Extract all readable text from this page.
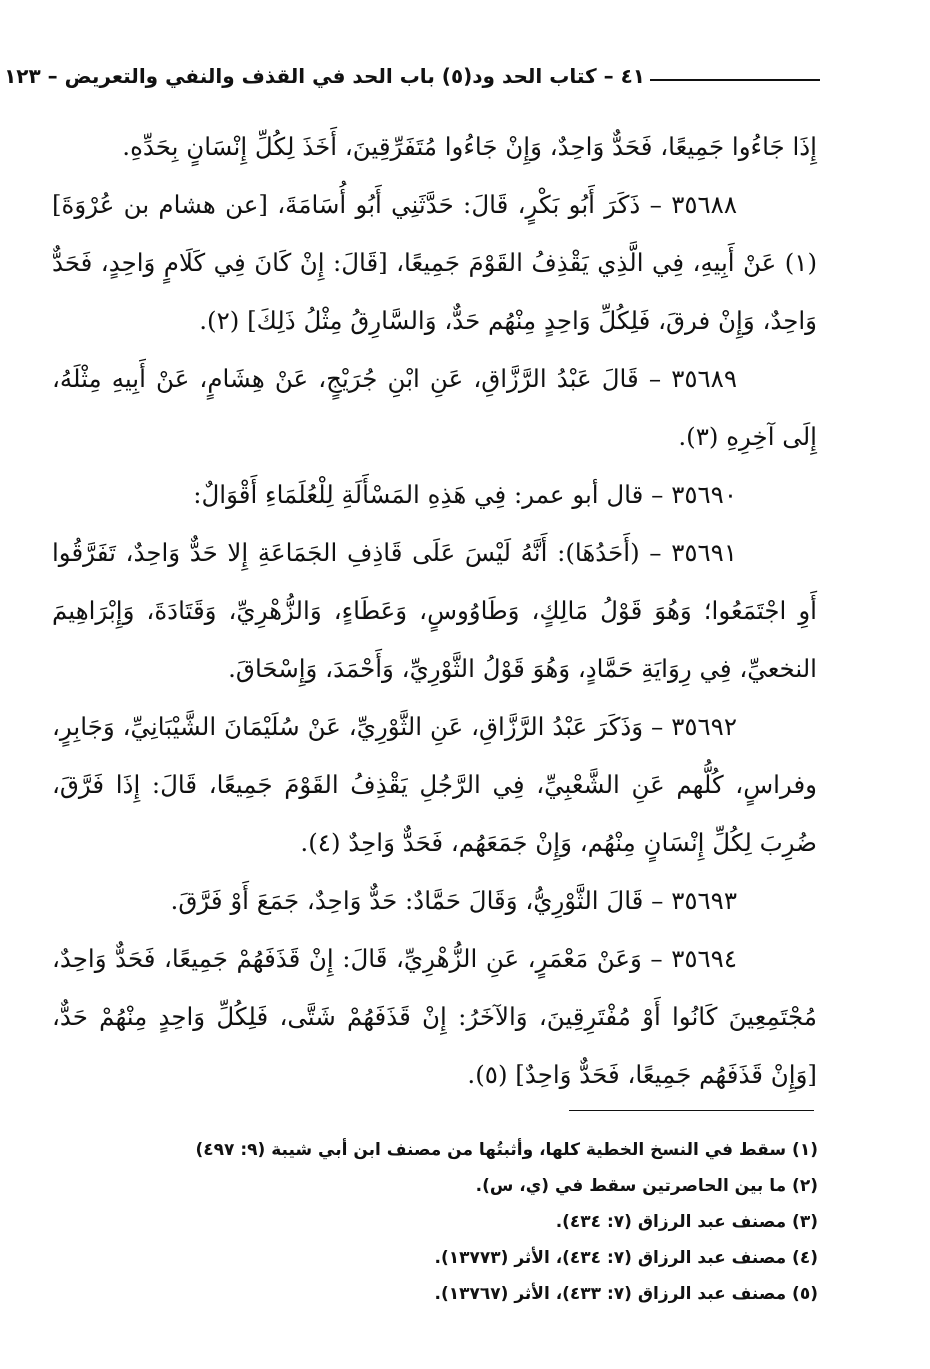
٤١ – كتاب الحد ود(٥) باب الحد في القذف والنفي والتعريض – ١٢٣

إِذَا جَاءُوا جَمِيعًا، فَحَدٌّ وَاحِدٌ، وَإِنْ جَاءُوا مُتَفَرِّقِينَ، أَخَذَ لِكُلِّ إِنْسَانٍ بِحَدِّهِ.

٣٥٦٨٨ – ذَكَرَ أَبُو بَكْرٍ، قَالَ: حَدَّثَنِي أَبُو أُسَامَةَ، [عن هشام بن عُرْوَةَ] (١) عَنْ أَبِيهِ، فِي الَّذِي يَقْذِفُ القَوْمَ جَمِيعًا، [قَالَ: إِنْ كَانَ فِي كَلَامٍ وَاحِدٍ، فَحَدٌّ وَاحِدٌ، وَإِنْ فرقَ، فَلِكُلِّ وَاحِدٍ مِنْهُم حَدٌّ، وَالسَّارِقُ مِثْلُ ذَلِكَ] (٢).

٣٥٦٨٩ – قَالَ عَبْدُ الرَّزَّاقِ، عَنِ ابْنِ جُرَيْجٍ، عَنْ هِشَامٍ، عَنْ أَبِيهِ مِثْلَهُ، إِلَى آخِرِهِ (٣).

٣٥٦٩٠ – قال أبو عمر: فِي هَذِهِ المَسْأَلَةِ لِلْعُلَمَاءِ أَقْوَالٌ:

٣٥٦٩١ – (أَحَدُهَا): أَنَّهُ لَيْسَ عَلَى قَاذِفِ الجَمَاعَةِ إِلا حَدٌّ وَاحِدٌ، تَفَرَّقُوا أَوِ اجْتَمَعُوا؛ وَهُوَ قَوْلُ مَالِكٍ، وَطَاوُوسٍ، وَعَطَاءٍ، وَالزُّهْرِيِّ، وَقَتَادَةَ، وَإِبْرَاهِيمَ النخعيِّ، فِي رِوَايَةِ حَمَّادٍ، وَهُوَ قَوْلُ الثَّوْرِيِّ، وَأَحْمَدَ، وَإِسْحَاقَ.

٣٥٦٩٢ – وَذَكَرَ عَبْدُ الرَّزَّاقِ، عَنِ الثَّوْرِيِّ، عَنْ سُلَيْمَانَ الشَّيْبَانِيِّ، وَجَابِرٍ، وفراسٍ، كُلُّهم عَنِ الشَّعْبِيِّ، فِي الرَّجُلِ يَقْذِفُ القَوْمَ جَمِيعًا، قَالَ: إِذَا فَرَّقَ، ضُرِبَ لِكُلِّ إِنْسَانٍ مِنْهُم، وَإِنْ جَمَعَهُم، فَحَدٌّ وَاحِدٌ (٤).

٣٥٦٩٣ – قَالَ الثَّوْرِيُّ، وَقَالَ حَمَّادٌ: حَدٌّ وَاحِدٌ، جَمَعَ أَوْ فَرَّقَ.

٣٥٦٩٤ – وَعَنْ مَعْمَرٍ، عَنِ الزُّهْرِيِّ، قَالَ: إِنْ قَذَفَهُمْ جَمِيعًا، فَحَدٌّ وَاحِدٌ، مُجْتَمِعِينَ كَانُوا أَوْ مُفْتَرِقِينَ، وَالآخَرُ: إِنْ قَذَفَهُمْ شَتَّى، فَلِكُلِّ وَاحِدٍ مِنْهُمْ حَدٌّ، [وَإِنْ قَذَفَهُم جَمِيعًا، فَحَدٌّ وَاحِدٌ] (٥).

(١) سقط في النسخ الخطية كلها، وأثبتُها من مصنف ابن أبي شيبة (٩: ٤٩٧)
(٢) ما بين الحاصرتين سقط في (ي، س).
(٣) مصنف عبد الرزاق (٧: ٤٣٤).
(٤) مصنف عبد الرزاق (٧: ٤٣٤)، الأثر (١٣٧٧٣).
(٥) مصنف عبد الرزاق (٧: ٤٣٣)، الأثر (١٣٧٦٧).
